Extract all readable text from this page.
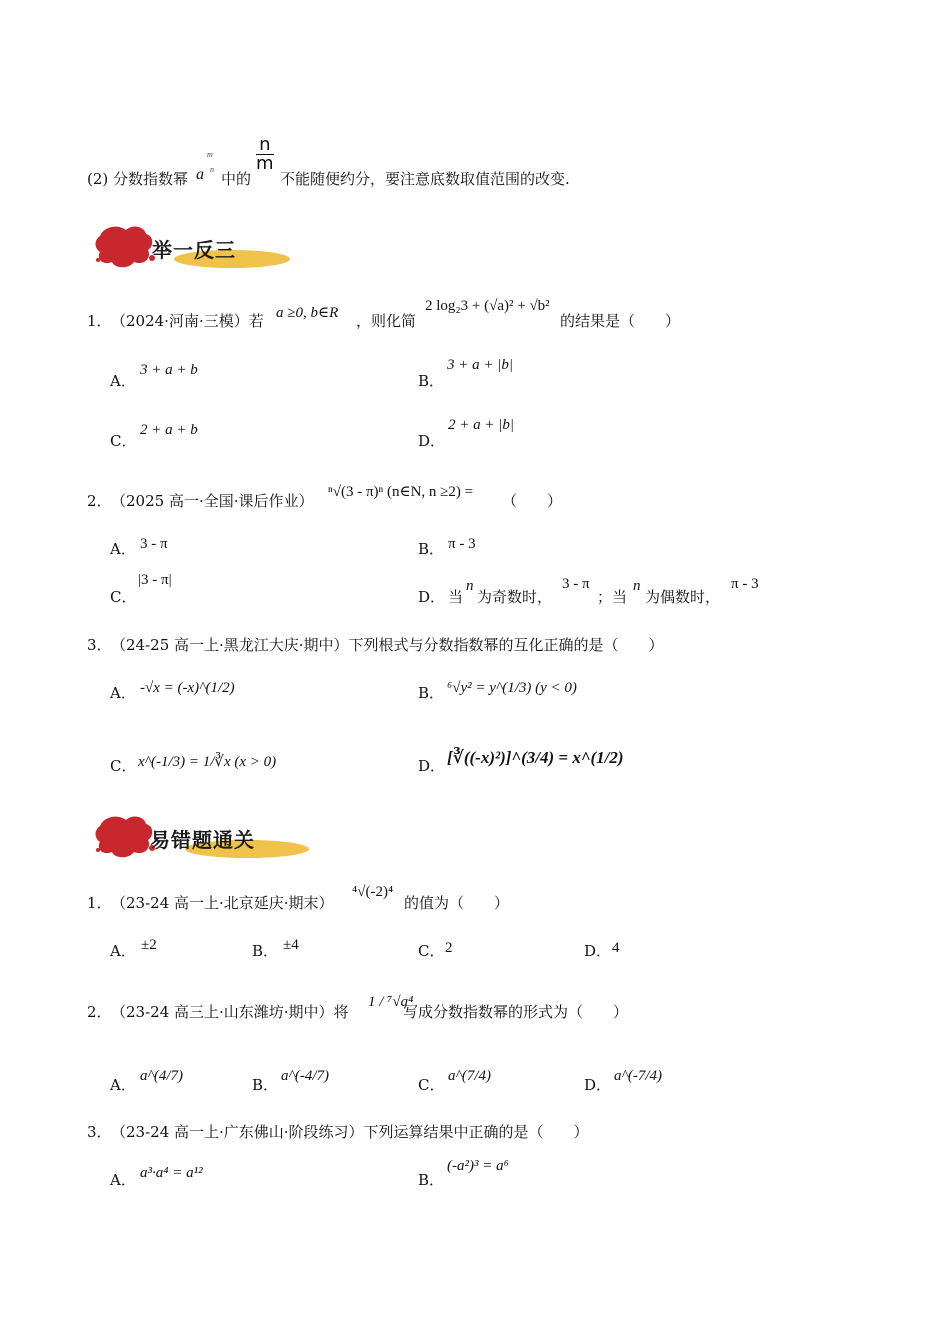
(2) 分数指数幂 a
m
n
中的
$\frac{n}{m}$
不能随便约分，要注意底数取值范围的改变.
举一反三
1． （2024·河南·三模）若 a ≥0, b∈R ，则化简
2 log₂3 + (√a)² + √b²
的结果是（　　）
A．
3 + a + b
B．
3 + a + |b|
C．
2 + a + b
D．
2 + a + |b|
2． （2025 高一·全国·课后作业） ⁿ√(3 - π)ⁿ (n∈N, n ≥2) = （　　）
A． 3 - π	B． π - 3
C．
|3 - π|
D． 当
n
为奇数时，
3 - π
；当
n
为偶数时，
π - 3
3． （24-25 高一上·黑龙江大庆·期中）下列根式与分数指数幂的互化正确的是（　　）
A． -√x = (-x)^(1/2)	B． ⁶√y² = y^(1/3) (y < 0)
C． x^(-1/3) = 1/∛x (x > 0)	D． [∛((-x)²)]^(3/4) = x^(1/2)
易错题通关
1． （23-24 高一上·北京延庆·期末）
⁴√(-2)⁴
的值为（　　）
A． ±2	B． ±4	C． 2	D． 4
2． （23-24 高三上·山东潍坊·期中）将
1 / ⁷√a⁴
写成分数指数幂的形式为（　　）
A． a^(4/7)	B． a^(-4/7)	C． a^(7/4)	D． a^(-7/4)
3． （23-24 高一上·广东佛山·阶段练习）下列运算结果中正确的是（　　）
A． a³·a⁴ = a¹²	B．
(-a²)³ = a⁶
